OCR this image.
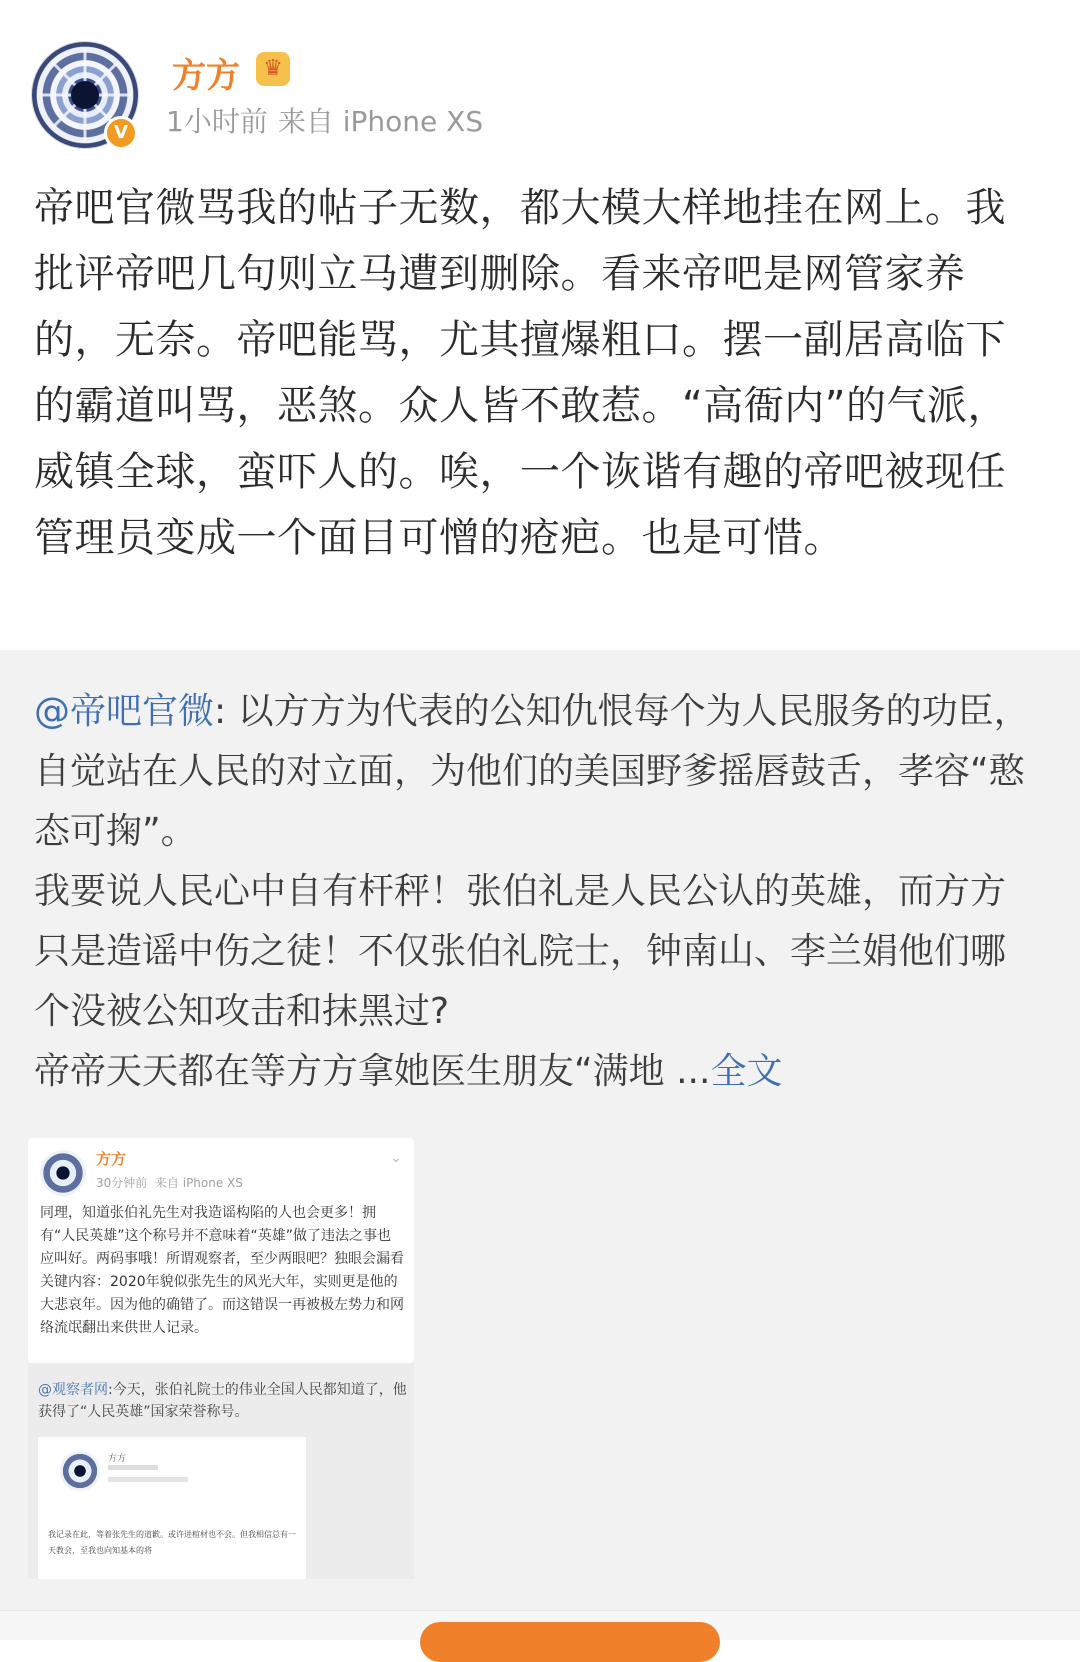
V
方方	♛
1小时前 来自 iPhone XS

帝吧官微骂我的帖子无数，都大模大样地挂在网上。我批评帝吧几句则立马遭到删除。看来帝吧是网管家养的，无奈。帝吧能骂，尤其擅爆粗口。摆一副居高临下的霸道叫骂，恶煞。众人皆不敢惹。“高衙内”的气派，威镇全球，蛮吓人的。唉，一个诙谐有趣的帝吧被现任管理员变成一个面目可憎的疮疤。也是可惜。

@帝吧官微: 以方方为代表的公知仇恨每个为人民服务的功臣，自觉站在人民的对立面，为他们的美国野爹摇唇鼓舌，孝容“憨态可掬”。

我要说人民心中自有杆秤！张伯礼是人民公认的英雄，而方方只是造谣中伤之徒！不仅张伯礼院士，钟南山、李兰娟他们哪个没被公知攻击和抹黑过?

帝帝天天都在等方方拿她医生朋友“满地 ...全文

方方
30分钟前 来自 iPhone XS
⌄
同理，知道张伯礼先生对我造谣构陷的人也会更多！拥有“人民英雄”这个称号并不意味着“英雄”做了违法之事也应叫好。两码事哦！所谓观察者，至少两眼吧？独眼会漏看关键内容：2020年貌似张先生的风光大年，实则更是他的大悲哀年。因为他的确错了。而这错误一再被极左势力和网络流氓翻出来供世人记录。
@观察者网:今天，张伯礼院士的伟业全国人民都知道了，他获得了“人民英雄”国家荣誉称号。
方方
我记录在此，等着张先生的道歉。或许进棺材也不会。但我相信总有一天教会，至我也向知基本的将
